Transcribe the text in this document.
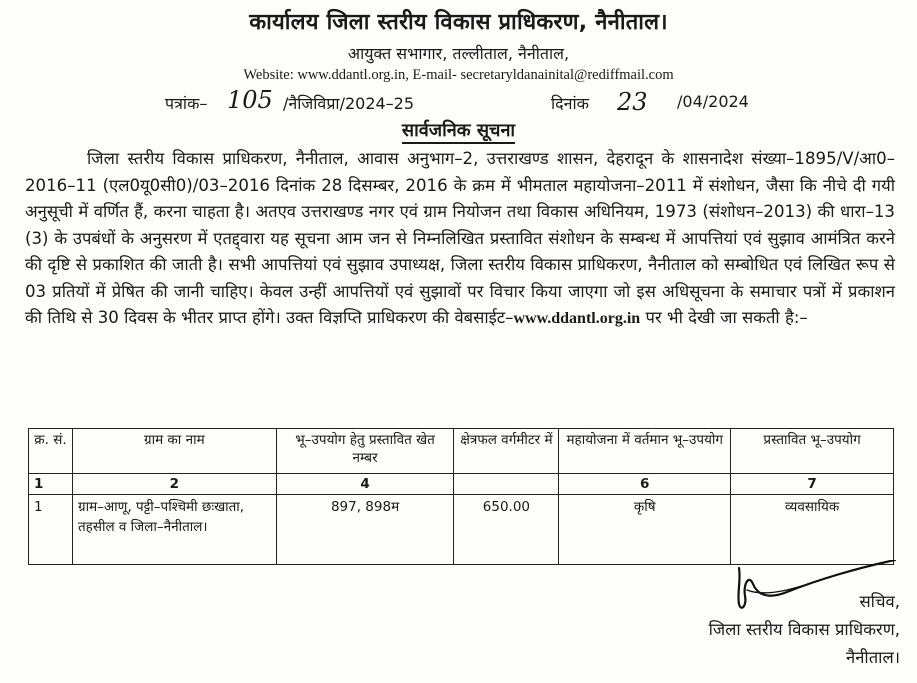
कार्यालय जिला स्तरीय विकास प्राधिकरण, नैनीताल।
आयुक्त सभागार, तल्लीताल, नैनीताल,
Website: www.ddantl.org.in, E-mail- secretaryldanainital@rediffmail.com
पत्रांक– 105 /नैजिविप्रा/2024–25	दिनांक 23 /04/2024
सार्वजनिक सूचना
जिला स्तरीय विकास प्राधिकरण, नैनीताल, आवास अनुभाग–2, उत्तराखण्ड शासन, देहरादून के शासनादेश संख्या–1895/V/आ0–2016–11 (एल0यू0सी0)/03–2016 दिनांक 28 दिसम्बर, 2016 के क्रम में भीमताल महायोजना–2011 में संशोधन, जैसा कि नीचे दी गयी अनुसूची में वर्णित हैं, करना चाहता है। अतएव उत्तराखण्ड नगर एवं ग्राम नियोजन तथा विकास अधिनियम, 1973 (संशोधन–2013) की धारा–13 (3) के उपबंधों के अनुसरण में एतद्द्वारा यह सूचना आम जन से निम्नलिखित प्रस्तावित संशोधन के सम्बन्ध में आपत्तियां एवं सुझाव आमंत्रित करने की दृष्टि से प्रकाशित की जाती है। सभी आपत्तियां एवं सुझाव उपाध्यक्ष, जिला स्तरीय विकास प्राधिकरण, नैनीताल को सम्बोधित एवं लिखित रूप से 03 प्रतियों में प्रेषित की जानी चाहिए। केवल उन्हीं आपत्तियों एवं सुझावों पर विचार किया जाएगा जो इस अधिसूचना के समाचार पत्रों में प्रकाशन की तिथि से 30 दिवस के भीतर प्राप्त होंगे। उक्त विज्ञप्ति प्राधिकरण की वेबसाईट–www.ddantl.org.in पर भी देखी जा सकती है:–
क्र. सं.	ग्राम का नाम	भू–उपयोग हेतु प्रस्तावित खेत नम्बर	क्षेत्रफल वर्गमीटर में	महायोजना में वर्तमान भू–उपयोग	प्रस्तावित भू–उपयोग
1	2	4		6	7
1	ग्राम–आणू, पट्टी–पश्चिमी छःखाता, तहसील व जिला–नैनीताल।	897, 898म	650.00	कृषि	व्यवसायिक
सचिव,
जिला स्तरीय विकास प्राधिकरण,
नैनीताल।
